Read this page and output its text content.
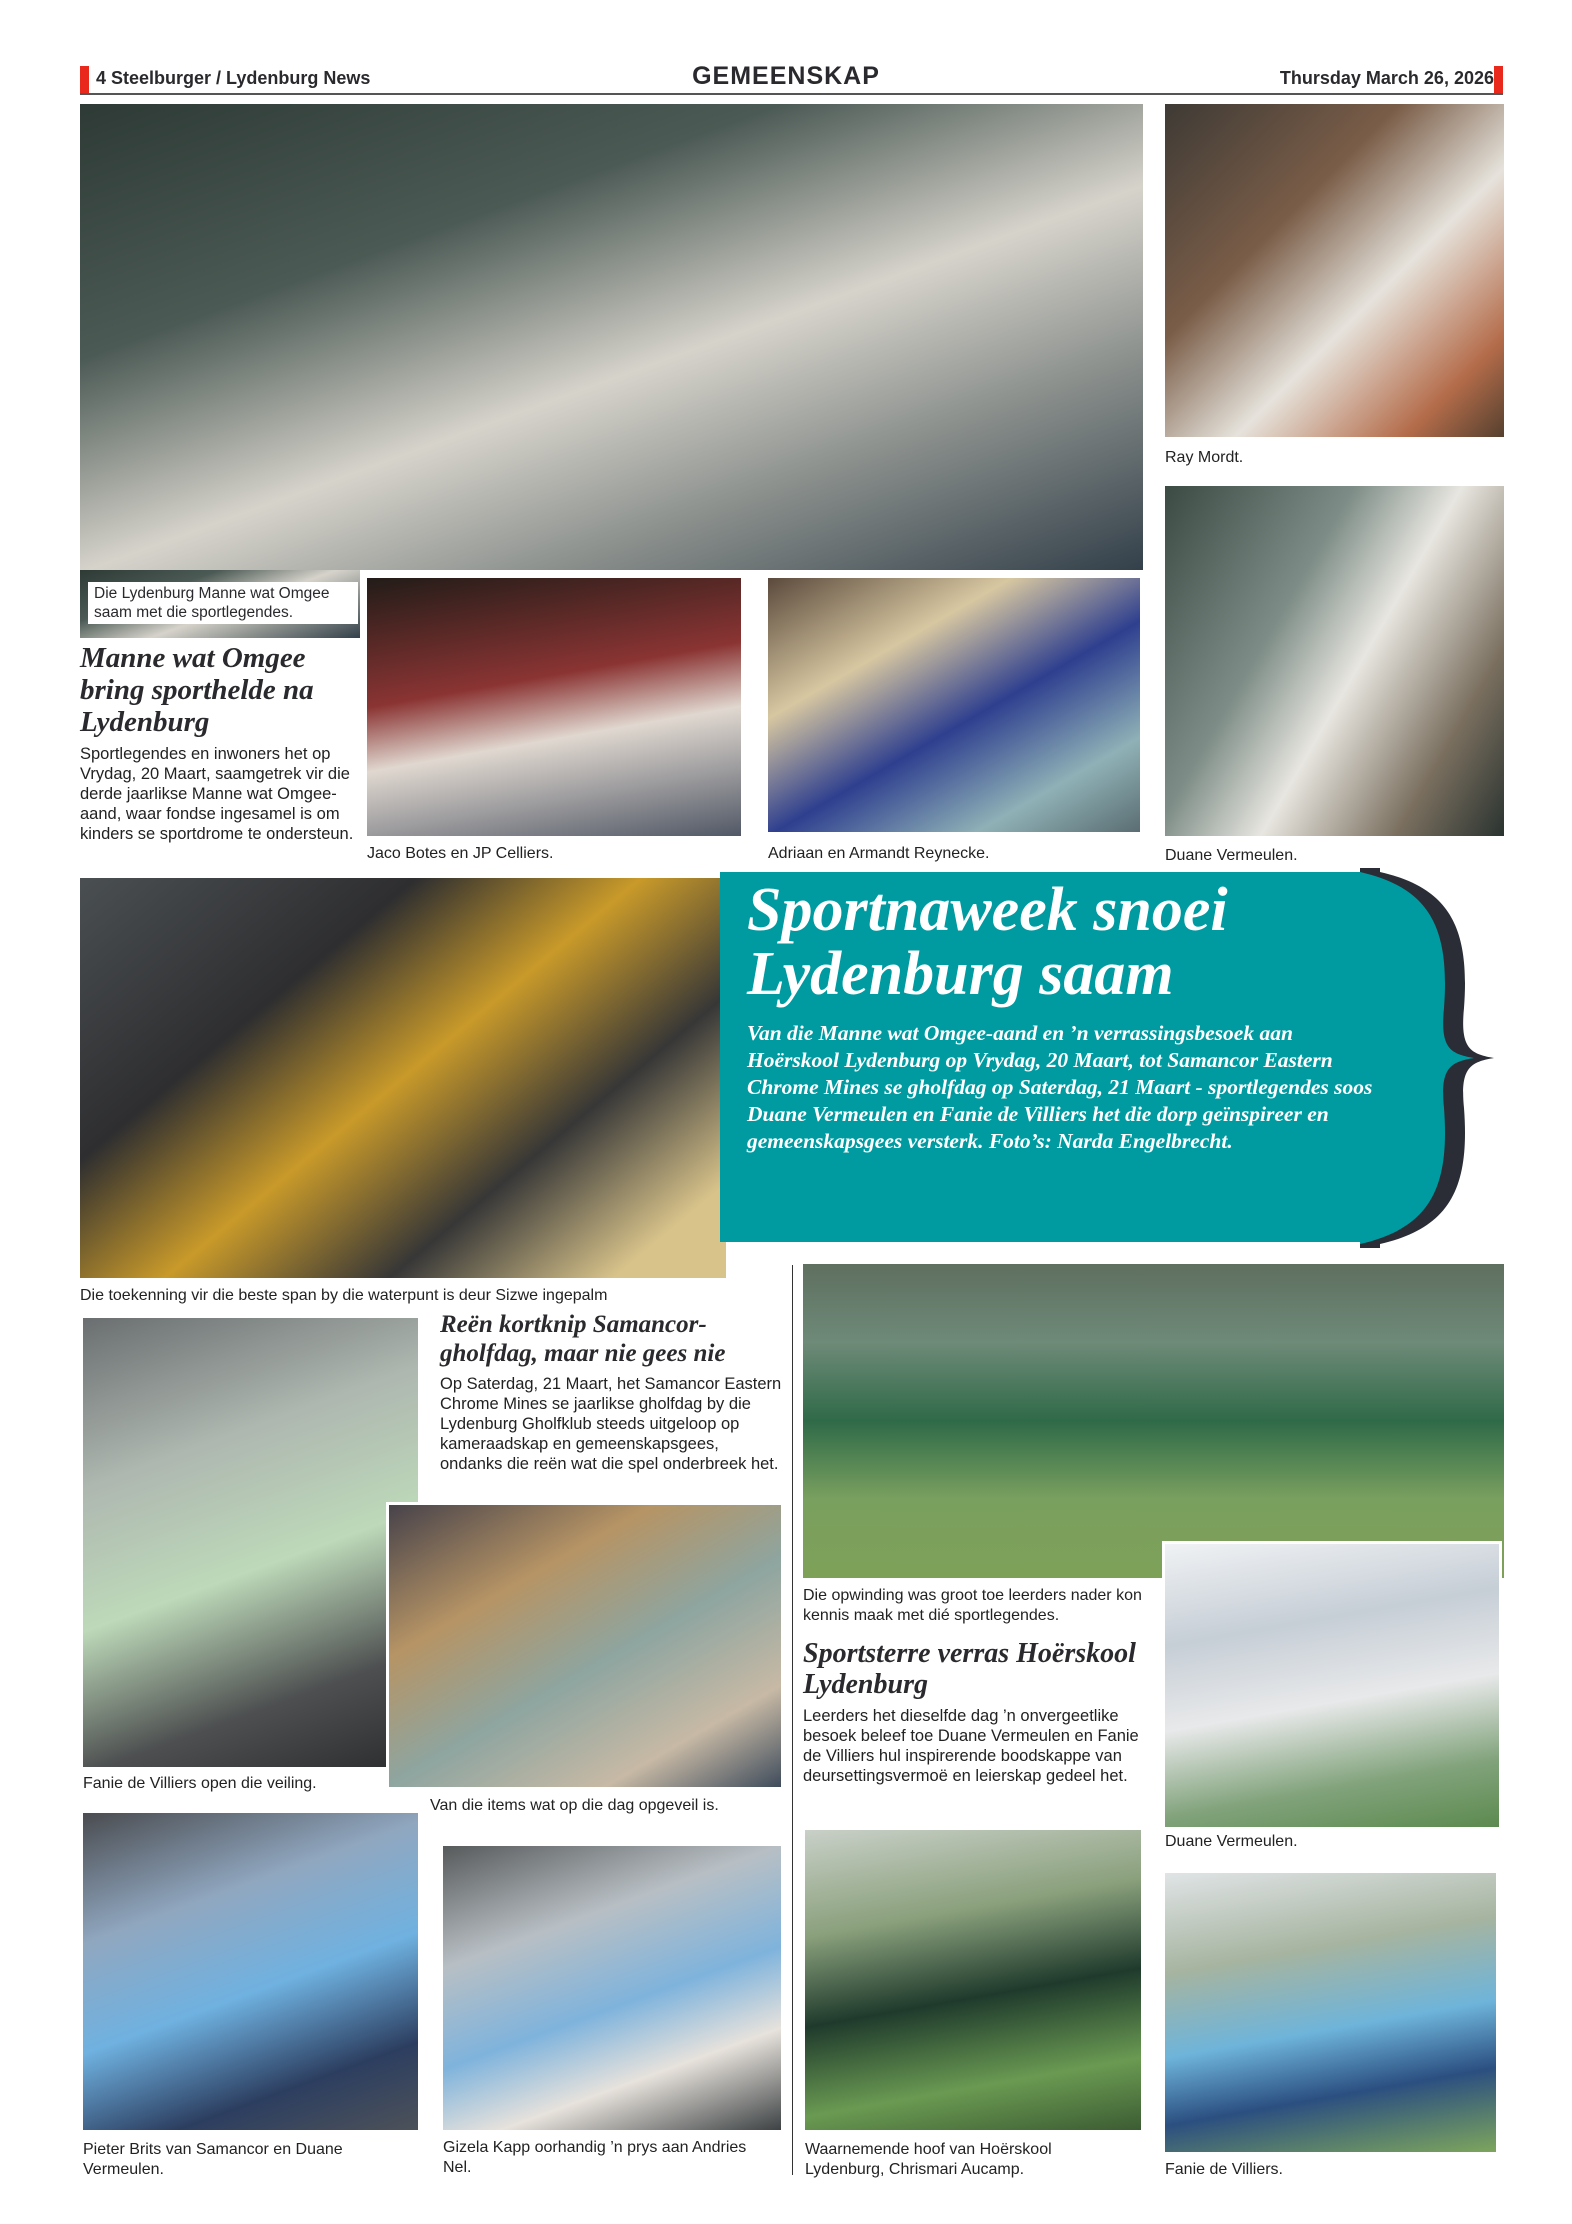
4 Steelburger / Lydenburg News	GEMEENSKAP	Thursday March 26, 2026
Die Lydenburg Manne wat Omgee saam met die sportlegendes.
Ray Mordt.
Duane Vermeulen.
Jaco Botes en JP Celliers.	Adriaan en Armandt Reynecke.
Manne wat Omgee bring sporthelde na Lydenburg
Sportlegendes en inwoners het op Vrydag, 20 Maart, saamgetrek vir die derde jaarlikse Manne wat Omgee-aand, waar fondse ingesamel is om kinders se sportdrome te ondersteun.
Die toekenning vir die beste span by die waterpunt is deur Sizwe ingepalm
Sportnaweek snoei
Lydenburg saam
Van die Manne wat Omgee-aand en ’n verrassingsbesoek aan Hoërskool Lydenburg op Vrydag, 20 Maart, tot Samancor Eastern Chrome Mines se gholfdag op Saterdag, 21 Maart - sportlegendes soos Duane Vermeulen en Fanie de Villiers het die dorp geïnspireer en gemeenskapsgees versterk. Foto’s: Narda Engelbrecht.
Fanie de Villiers open die veiling.
Reën kortknip Samancor-gholfdag, maar nie gees nie
Op Saterdag, 21 Maart, het Samancor Eastern Chrome Mines se jaarlikse gholfdag by die Lydenburg Gholfklub steeds uitgeloop op kameraadskap en gemeenskapsgees, ondanks die reën wat die spel onderbreek het.
Van die items wat op die dag opgeveil is.
Pieter Brits van Samancor en Duane Vermeulen.
Gizela Kapp oorhandig ’n prys aan Andries Nel.
Die opwinding was groot toe leerders nader kon kennis maak met dié sportlegendes.
Sportsterre verras Hoërskool Lydenburg
Leerders het dieselfde dag ’n onvergeetlike besoek beleef toe Duane Vermeulen en Fanie de Villiers hul inspirerende boodskappe van deursettingsvermoë en leierskap gedeel het.
Duane Vermeulen.
Waarnemende hoof van Hoërskool Lydenburg, Chrismari Aucamp.	Fanie de Villiers.
